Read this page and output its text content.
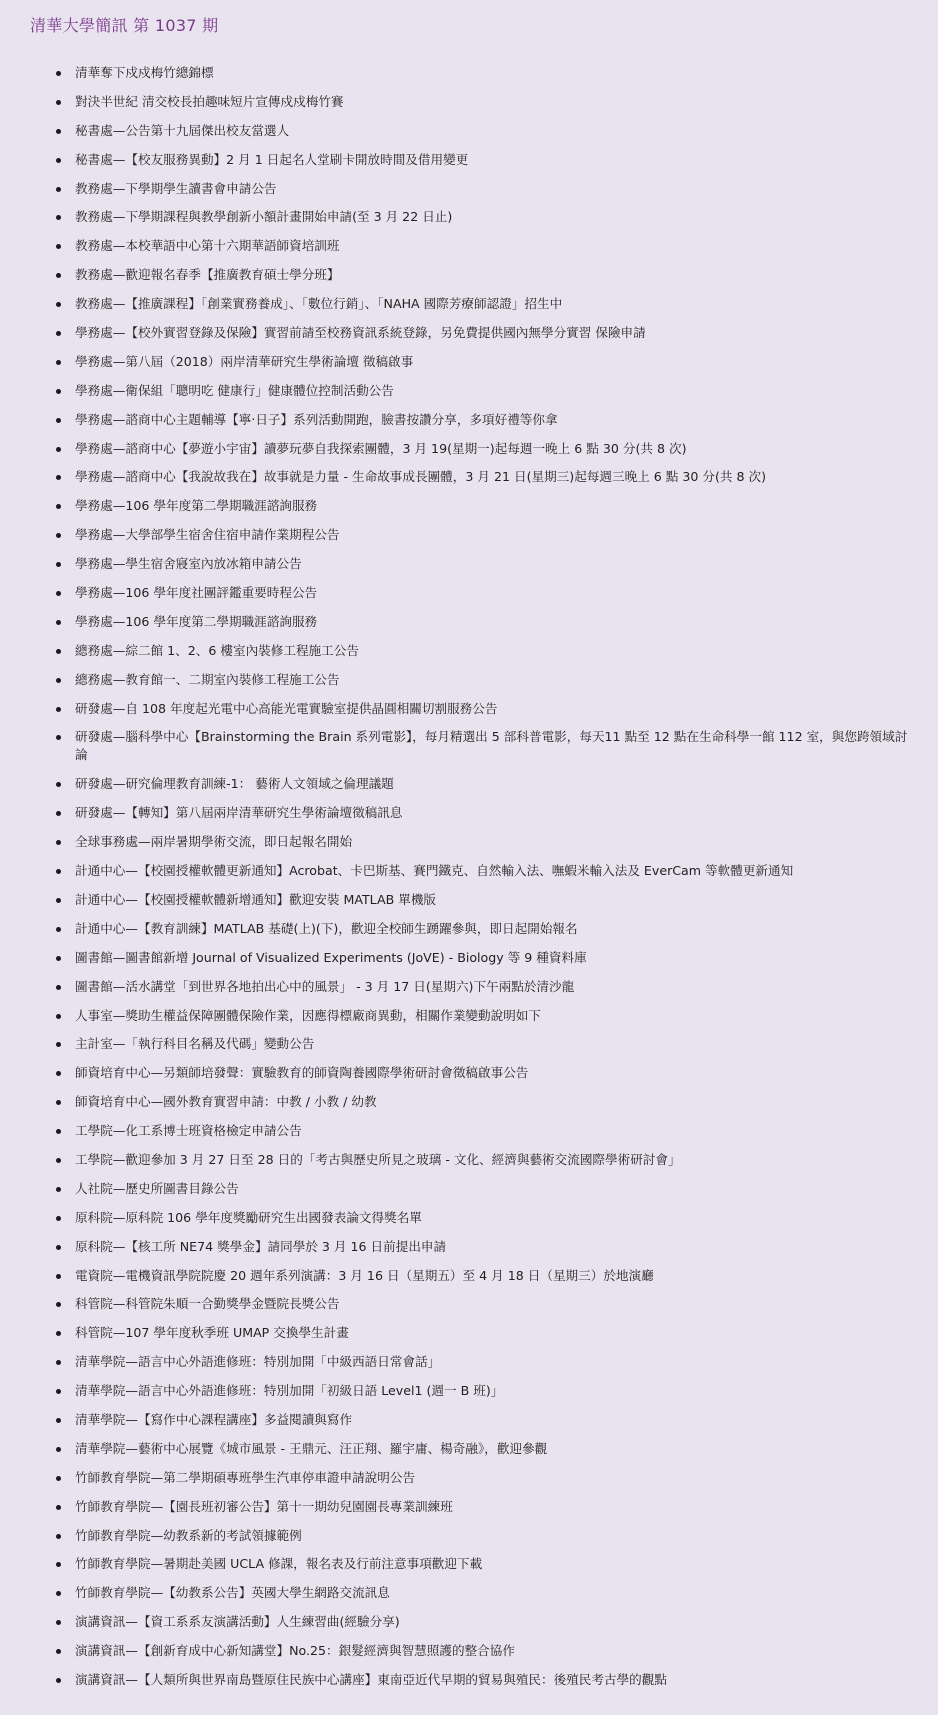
清華大學簡訊 第 1037 期
清華奪下戍戍梅竹總錦標
對決半世紀 清交校長拍趣味短片宣傳戍戍梅竹賽
秘書處—公告第十九屆傑出校友當選人
秘書處—【校友服務異動】2 月 1 日起名人堂刷卡開放時間及借用變更
教務處—下學期學生讀書會申請公告
教務處—下學期課程與教學創新小額計畫開始申請(至 3 月 22 日止)
教務處—本校華語中心第十六期華語師資培訓班
教務處—歡迎報名春季【推廣教育碩士學分班】
教務處—【推廣課程】「創業實務養成」、「數位行銷」、「NAHA 國際芳療師認證」招生中
學務處—【校外實習登錄及保險】實習前請至校務資訊系統登錄，另免費提供國內無學分實習 保險申請
學務處—第八屆（2018）兩岸清華研究生學術論壇 徵稿啟事
學務處—衛保組「聰明吃 健康行」健康體位控制活動公告
學務處—諮商中心主題輔導【寧‧日子】系列活動開跑，臉書按讚分享，多項好禮等你拿
學務處—諮商中心【夢遊小宇宙】讀夢玩夢自我探索團體，3 月 19(星期一)起每週一晚上 6 點 30 分(共 8 次)
學務處—諮商中心【我說故我在】故事就是力量 - 生命故事成長團體，3 月 21 日(星期三)起每週三晚上 6 點 30 分(共 8 次)
學務處—106 學年度第二學期職涯諮詢服務
學務處—大學部學生宿舍住宿申請作業期程公告
學務處—學生宿舍寢室內放冰箱申請公告
學務處—106 學年度社團評鑑重要時程公告
學務處—106 學年度第二學期職涯諮詢服務
總務處—綜二館 1、2、6 樓室內裝修工程施工公告
總務處—教育館一、二期室內裝修工程施工公告
研發處—自 108 年度起光電中心高能光電實驗室提供晶圓相關切割服務公告
研發處—腦科學中心【Brainstorming the Brain 系列電影】，每月精選出 5 部科普電影，每天11 點至 12 點在生命科學一館 112 室，與您跨領域討論
研發處—研究倫理教育訓練-1： 藝術人文領域之倫理議題
研發處—【轉知】第八屆兩岸清華研究生學術論壇徵稿訊息
全球事務處—兩岸暑期學術交流，即日起報名開始
計通中心—【校園授權軟體更新通知】Acrobat、卡巴斯基、賽門鐵克、自然輸入法、嘸蝦米輸入法及 EverCam 等軟體更新通知
計通中心—【校園授權軟體新增通知】歡迎安裝 MATLAB 單機版
計通中心—【教育訓練】MATLAB 基礎(上)(下)，歡迎全校師生踴躍參與，即日起開始報名
圖書館—圖書館新增 Journal of Visualized Experiments (JoVE) - Biology 等 9 種資料庫
圖書館—活水講堂「到世界各地拍出心中的風景」 - 3 月 17 日(星期六)下午兩點於清沙龍
人事室—獎助生權益保障團體保險作業，因應得標廠商異動，相關作業變動說明如下
主計室—「執行科目名稱及代碼」變動公告
師資培育中心—另類師培發聲：實驗教育的師資陶養國際學術研討會徵稿啟事公告
師資培育中心—國外教育實習申請：中教 / 小教 / 幼教
工學院—化工系博士班資格檢定申請公告
工學院—歡迎參加 3 月 27 日至 28 日的「考古與歷史所見之玻璃 - 文化、經濟與藝術交流國際學術研討會」
人社院—歷史所圖書目錄公告
原科院—原科院 106 學年度獎勵研究生出國發表論文得獎名單
原科院—【核工所 NE74 獎學金】請同學於 3 月 16 日前提出申請
電資院—電機資訊學院院慶 20 週年系列演講：3 月 16 日（星期五）至 4 月 18 日（星期三）於地演廳
科管院—科管院朱順一合勤獎學金暨院長獎公告
科管院—107 學年度秋季班 UMAP 交換學生計畫
清華學院—語言中心外語進修班：特別加開「中級西語日常會話」
清華學院—語言中心外語進修班：特別加開「初級日語 Level1 (週一 B 班)」
清華學院—【寫作中心課程講座】多益閱讀與寫作
清華學院—藝術中心展覽《城市風景 - 王鼎元、汪正翔、羅宇庸、楊奇融》，歡迎參觀
竹師教育學院—第二學期碩專班學生汽車停車證申請說明公告
竹師教育學院—【園長班初審公告】第十一期幼兒園園長專業訓練班
竹師教育學院—幼教系新的考試領據範例
竹師教育學院—暑期赴美國 UCLA 修課，報名表及行前注意事項歡迎下載
竹師教育學院—【幼教系公告】英國大學生網路交流訊息
演講資訊—【資工系系友演講活動】人生練習曲(經驗分享)
演講資訊—【創新育成中心新知講堂】No.25：銀髮經濟與智慧照護的整合協作
演講資訊—【人類所與世界南島暨原住民族中心講座】東南亞近代早期的貿易與殖民：後殖民考古學的觀點
